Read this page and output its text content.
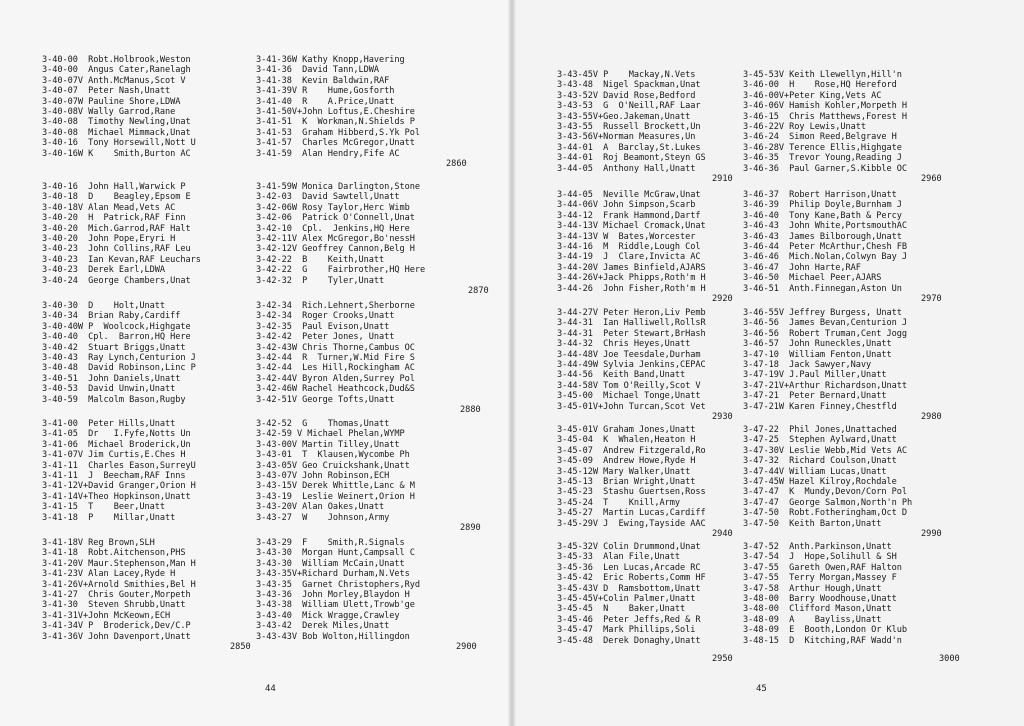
3-40-00  Robt.Holbrook,Weston
3-40-00  Angus Cater,Ranelagh
3-40-07V Anth.McManus,Scot V
3-40-07  Peter Nash,Unatt
3-40-07W Pauline Shore,LDWA
3-40-08V Wally Garrod,Rane
3-40-08  Timothy Newling,Unat
3-40-08  Michael Mimmack,Unat
3-40-16  Tony Horsewill,Nott U
3-40-16W K    Smith,Burton AC
3-40-16  John Hall,Warwick P
3-40-18  D    Beagley,Epsom E
3-40-18V Alan Mead,Vets AC
3-40-20  H  Patrick,RAF Finn
3-40-20  Mich.Garrod,RAF Halt
3-40-20  John Pope,Eryri H
3-40-23  John Collins,RAF Leu
3-40-23  Ian Kevan,RAF Leuchars
3-40-23  Derek Earl,LDWA
3-40-24  George Chambers,Unat
3-40-30  D    Holt,Unatt
3-40-34  Brian Raby,Cardiff
3-40-40W P  Woolcock,Highgate
3-40-40  Cpl.  Barron,HQ Here
3-40-42  Stuart Briggs,Unatt
3-40-43  Ray Lynch,Centurion J
3-40-48  David Robinson,Linc P
3-40-51  John Daniels,Unatt
3-40-53  David Unwin,Unatt
3-40-59  Malcolm Bason,Rugby
3-41-00  Peter Hills,Unatt
3-41-05  Dr   I.Fyfe,Notts Un
3-41-06  Michael Broderick,Un
3-41-07V Jim Curtis,E.Ches H
3-41-11  Charles Eason,SurreyU
3-41-11  J  Beecham,RAF Inns
3-41-12V+David Granger,Orion H
3-41-14V+Theo Hopkinson,Unatt
3-41-15  T    Beer,Unatt
3-41-18  P    Millar,Unatt
3-41-18V Reg Brown,SLH
3-41-18  Robt.Aitchenson,PHS
3-41-20V Maur.Stephenson,Man H
3-41-23V Alan Lacey,Ryde H
3-41-26V+Arnold Smithies,Bel H
3-41-27  Chris Gouter,Morpeth
3-41-30  Steven Shrubb,Unatt
3-41-31V+John McKeown,ECH
3-41-34V P  Broderick,Dev/C.P
3-41-36V John Davenport,Unatt
2850
3-41-36W Kathy Knopp,Havering
3-41-36  David Tann,LDWA
3-41-38  Kevin Baldwin,RAF
3-41-39V R    Hume,Gosforth
3-41-40  R    A.Price,Unatt
3-41-50V+John Loftus,E.Cheshire
3-41-51  K  Workman,N.Shields P
3-41-53  Graham Hibberd,S.Yk Pol
3-41-57  Charles McGregor,Unatt
3-41-59  Alan Hendry,Fife AC
2860
3-41-59W Monica Darlington,Stone
3-42-03  David Sawtell,Unatt
3-42-06W Rosy Taylor,Herc Wimb
3-42-06  Patrick O'Connell,Unat
3-42-10  Cpl.  Jenkins,HQ Here
3-42-11V Alex McGregor,Bo'nessH
3-42-12V Geoffrey Cannon,Belg H
3-42-22  B    Keith,Unatt
3-42-22  G    Fairbrother,HQ Here
3-42-32  P    Tyler,Unatt
2870
3-42-34  Rich.Lehnert,Sherborne
3-42-34  Roger Crooks,Unatt
3-42-35  Paul Evison,Unatt
3-42-42  Peter Jones, Unatt
3-42-43W Chris Thorne,Cambus OC
3-42-44  R  Turner,W.Mid Fire S
3-42-44  Les Hill,Rockingham AC
3-42-44V Byron Alden,Surrey Pol
3-42-46W Rachel Heathcock,Dud&S
3-42-51V George Tofts,Unatt
2880
3-42-52  G    Thomas,Unatt
3-42-59 V Michael Phelan,WYMP
3-43-00V Martin Tilley,Unatt
3-43-01  T  Klausen,Wycombe Ph
3-43-05V Geo Cruickshank,Unatt
3-43-07V John Robinson,ECH
3-43-15V Derek Whittle,Lanc & M
3-43-19  Leslie Weinert,Orion H
3-43-20V Alan Oakes,Unatt
3-43-27  W    Johnson,Army
2890
3-43-29  F    Smith,R.Signals
3-43-30  Morgan Hunt,Campsall C
3-43-30  William McCain,Unatt
3-43-35V+Richard Durham,N.Vets
3-43-35  Garnet Christophers,Ryd
3-43-36  John Morley,Blaydon H
3-43-38  William Ulett,Trowb'ge
3-43-40  Mick Wragge,Crawley
3-43-42  Derek Miles,Unatt
3-43-43V Bob Wolton,Hillingdon
2900
44
3-43-45V P    Mackay,N.Vets
3-43-48  Nigel Spackman,Unat
3-43-52V David Rose,Bedford
3-43-53  G  O'Neill,RAF Laar
3-43-55V+Geo.Jakeman,Unatt
3-43-55  Russell Brockett,Un
3-43-56V+Norman Measures,Un
3-44-01  A  Barclay,St.Lukes
3-44-01  Roj Beamont,Steyn GS
3-44-05  Anthony Hall,Unatt
2910
3-44-05  Neville McGraw,Unat
3-44-06V John Simpson,Scarb
3-44-12  Frank Hammond,Dartf
3-44-13V Michael Cromack,Unat
3-44-13V W  Bates,Worcester
3-44-16  M  Riddle,Lough Col
3-44-19  J  Clare,Invicta AC
3-44-20V James Binfield,AJARS
3-44-26V+Jack Phipps,Roth'm H
3-44-26  John Fisher,Roth'm H
2920
3-44-27V Peter Heron,Liv Pemb
3-44-31  Ian Halliwell,RollsR
3-44-31  Peter Stewart,BrHash
3-44-32  Chris Heyes,Unatt
3-44-48V Joe Teesdale,Durham
3-44-49W Sylvia Jenkins,CEPAC
3-44-56  Keith Band,Unatt
3-44-58V Tom O'Reilly,Scot V
3-45-00  Michael Tonge,Unatt
3-45-01V+John Turcan,Scot Vet
2930
3-45-01V Graham Jones,Unatt
3-45-04  K  Whalen,Heaton H
3-45-07  Andrew Fitzgerald,Ro
3-45-09  Andrew Howe,Ryde H
3-45-12W Mary Walker,Unatt
3-45-13  Brian Wright,Unatt
3-45-23  Stashu Guertsen,Ross
3-45-24  T    Knill,Army
3-45-27  Martin Lucas,Cardiff
3-45-29V J  Ewing,Tayside AAC
2940
3-45-32V Colin Drummond,Unat
3-45-33  Alan File,Unatt
3-45-36  Len Lucas,Arcade RC
3-45-42  Eric Roberts,Comm HF
3-45-43V D  Ramsbottom,Unatt
3-45-45V+Colin Palmer,Unatt
3-45-45  N    Baker,Unatt
3-45-46  Peter Jeffs,Red & R
3-45-47  Mark Phillips,Soli
3-45-48  Derek Donaghy,Unatt
2950
3-45-53V Keith Llewellyn,Hill'n
3-46-00  H    Rose,HQ Hereford
3-46-00V+Peter King,Vets AC
3-46-06V Hamish Kohler,Morpeth H
3-46-15  Chris Matthews,Forest H
3-46-22V Roy Lewis,Unatt
3-46-24  Simon Reed,Belgrave H
3-46-28V Terence Ellis,Highgate
3-46-35  Trevor Young,Reading J
3-46-36  Paul Garner,S.Kibble OC
2960
3-46-37  Robert Harrison,Unatt
3-46-39  Philip Doyle,Burnham J
3-46-40  Tony Kane,Bath & Percy
3-46-43  John White,PortsmouthAC
3-46-43  James Bilborough,Unatt
3-46-44  Peter McArthur,Chesh FB
3-46-46  Mich.Nolan,Colwyn Bay J
3-46-47  John Harte,RAF
3-46-50  Michael Peer,AJARS
3-46-51  Anth.Finnegan,Aston Un
2970
3-46-55V Jeffrey Burgess, Unatt
3-46-56  James Bevan,Centurion J
3-46-56  Robert Truman,Cent Jogg
3-46-57  John Runeckles,Unatt
3-47-10  William Fenton,Unatt
3-47-18  Jack Sawyer,Navy
3-47-19V J.Paul Miller,Unatt
3-47-21V+Arthur Richardson,Unatt
3-47-21  Peter Bernard,Unatt
3-47-21W Karen Finney,Chestfld
2980
3-47-22  Phil Jones,Unattached
3-47-25  Stephen Aylward,Unatt
3-47-30V Leslie Webb,Mid Vets AC
3-47-32  Richard Coulson,Unatt
3-47-44V William Lucas,Unatt
3-47-45W Hazel Kilroy,Rochdale
3-47-47  K  Mundy,Devon/Corn Pol
3-47-47  George Salmon,North'n Ph
3-47-50  Robt.Fotheringham,Oct D
3-47-50  Keith Barton,Unatt
2990
3-47-52  Anth.Parkinson,Unatt
3-47-54  J  Hope,Solihull & SH
3-47-55  Gareth Owen,RAF Halton
3-47-55  Terry Morgan,Massey F
3-47-58  Arthur Hough,Unatt
3-48-00  Barry Woodhouse,Unatt
3-48-00  Clifford Mason,Unatt
3-48-09  A    Bayliss,Unatt
3-48-09  E  Booth,London Or Klub
3-48-15  D  Kitching,RAF Wadd'n
3000
45
